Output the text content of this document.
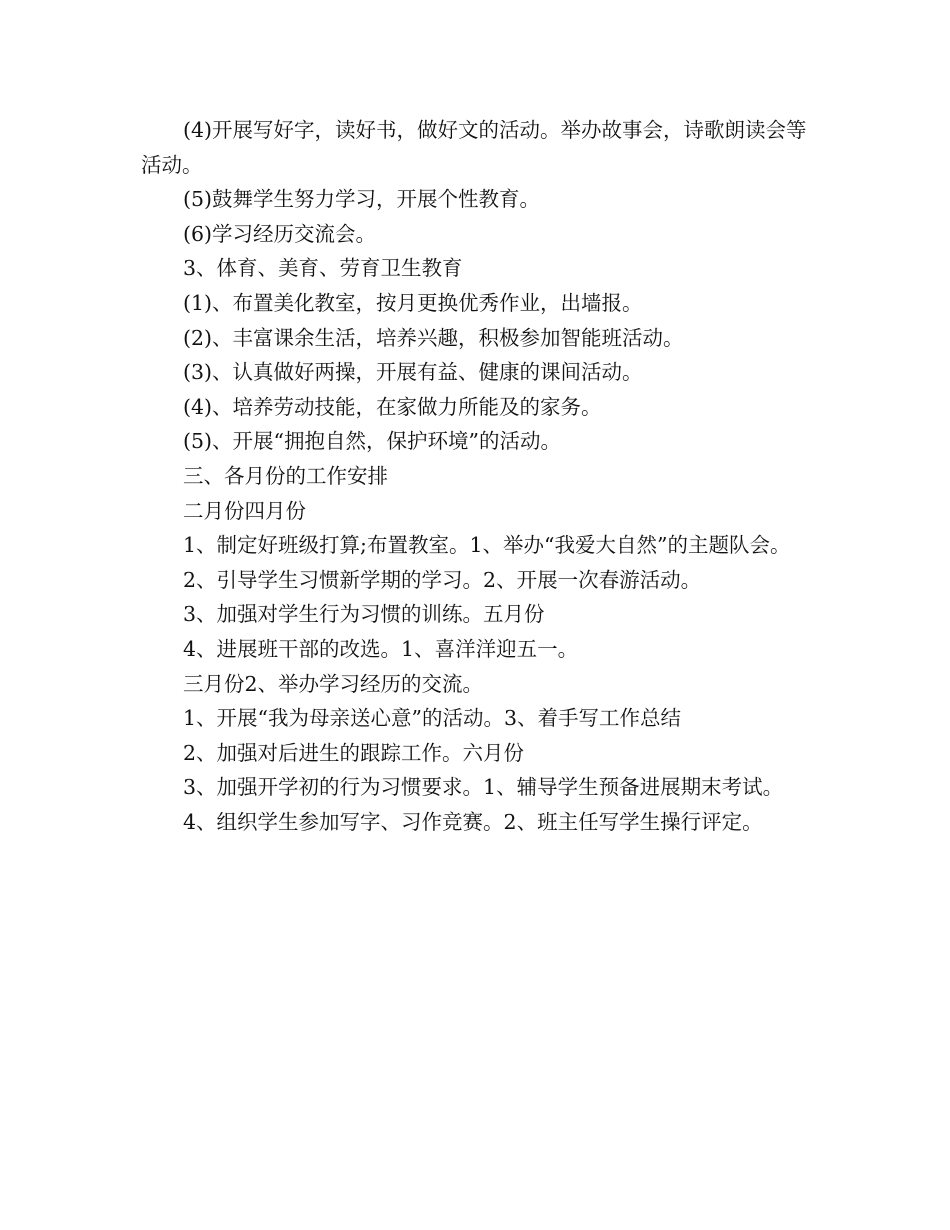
(4)开展写好字，读好书，做好文的活动。举办故事会，诗歌朗读会等活动。

(5)鼓舞学生努力学习，开展个性教育。

(6)学习经历交流会。

3、体育、美育、劳育卫生教育

(1)、布置美化教室，按月更换优秀作业，出墙报。

(2)、丰富课余生活，培养兴趣，积极参加智能班活动。

(3)、认真做好两操，开展有益、健康的课间活动。

(4)、培养劳动技能，在家做力所能及的家务。

(5)、开展“拥抱自然，保护环境”的活动。

三、各月份的工作安排

二月份四月份

1、制定好班级打算;布置教室。1、举办“我爱大自然”的主题队会。

2、引导学生习惯新学期的学习。2、开展一次春游活动。

3、加强对学生行为习惯的训练。五月份

4、进展班干部的改选。1、喜洋洋迎五一。

三月份2、举办学习经历的交流。

1、开展“我为母亲送心意”的活动。3、着手写工作总结

2、加强对后进生的跟踪工作。六月份

3、加强开学初的行为习惯要求。1、辅导学生预备进展期末考试。

4、组织学生参加写字、习作竞赛。2、班主任写学生操行评定。
